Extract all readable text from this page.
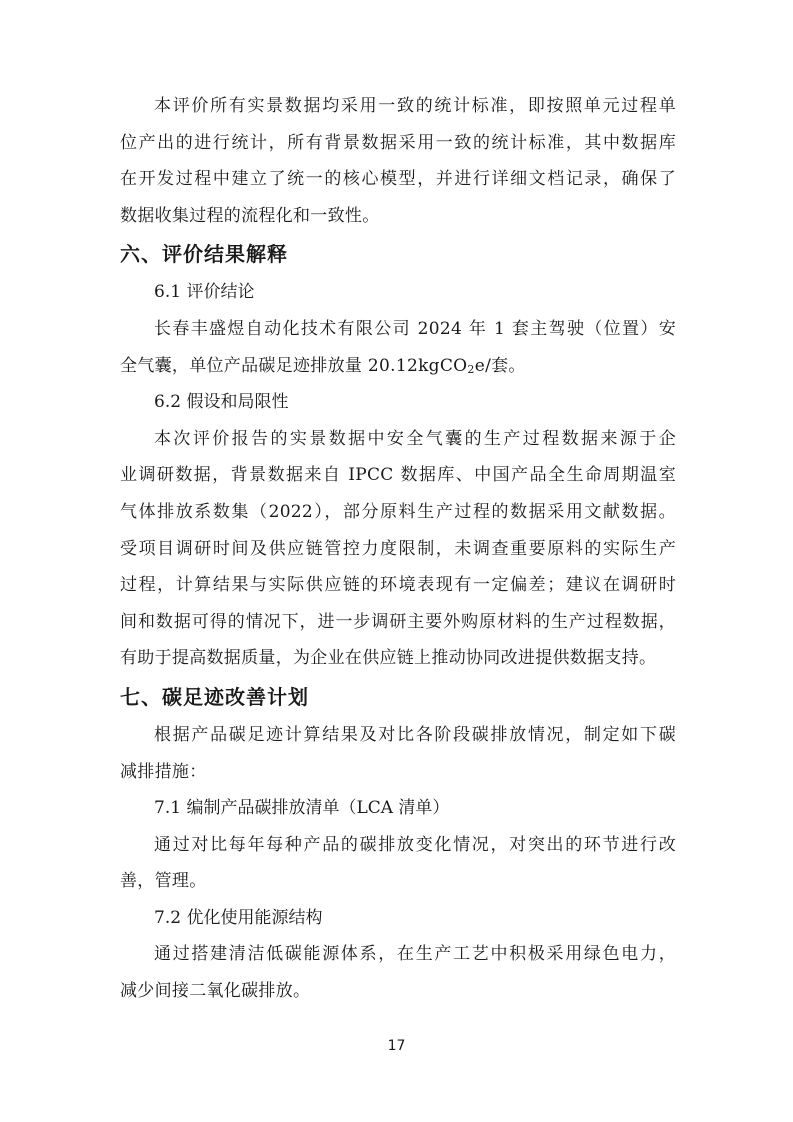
本评价所有实景数据均采用一致的统计标准，即按照单元过程单
位产出的进行统计，所有背景数据采用一致的统计标准，其中数据库
在开发过程中建立了统一的核心模型，并进行详细文档记录，确保了
数据收集过程的流程化和一致性。

六、评价结果解释

6.1 评价结论

长春丰盛煜自动化技术有限公司 2024 年 1 套主驾驶（位置）安
全气囊，单位产品碳足迹排放量 20.12kgCO$_2$e/套。

6.2 假设和局限性

本次评价报告的实景数据中安全气囊的生产过程数据来源于企
业调研数据，背景数据来自 IPCC 数据库、中国产品全生命周期温室
气体排放系数集（2022），部分原料生产过程的数据采用文献数据。
受项目调研时间及供应链管控力度限制，未调查重要原料的实际生产
过程，计算结果与实际供应链的环境表现有一定偏差；建议在调研时
间和数据可得的情况下，进一步调研主要外购原材料的生产过程数据，
有助于提高数据质量，为企业在供应链上推动协同改进提供数据支持。

七、碳足迹改善计划

根据产品碳足迹计算结果及对比各阶段碳排放情况，制定如下碳
减排措施：

7.1 编制产品碳排放清单（LCA 清单）

通过对比每年每种产品的碳排放变化情况，对突出的环节进行改
善，管理。

7.2 优化使用能源结构

通过搭建清洁低碳能源体系，在生产工艺中积极采用绿色电力，
减少间接二氧化碳排放。

17
